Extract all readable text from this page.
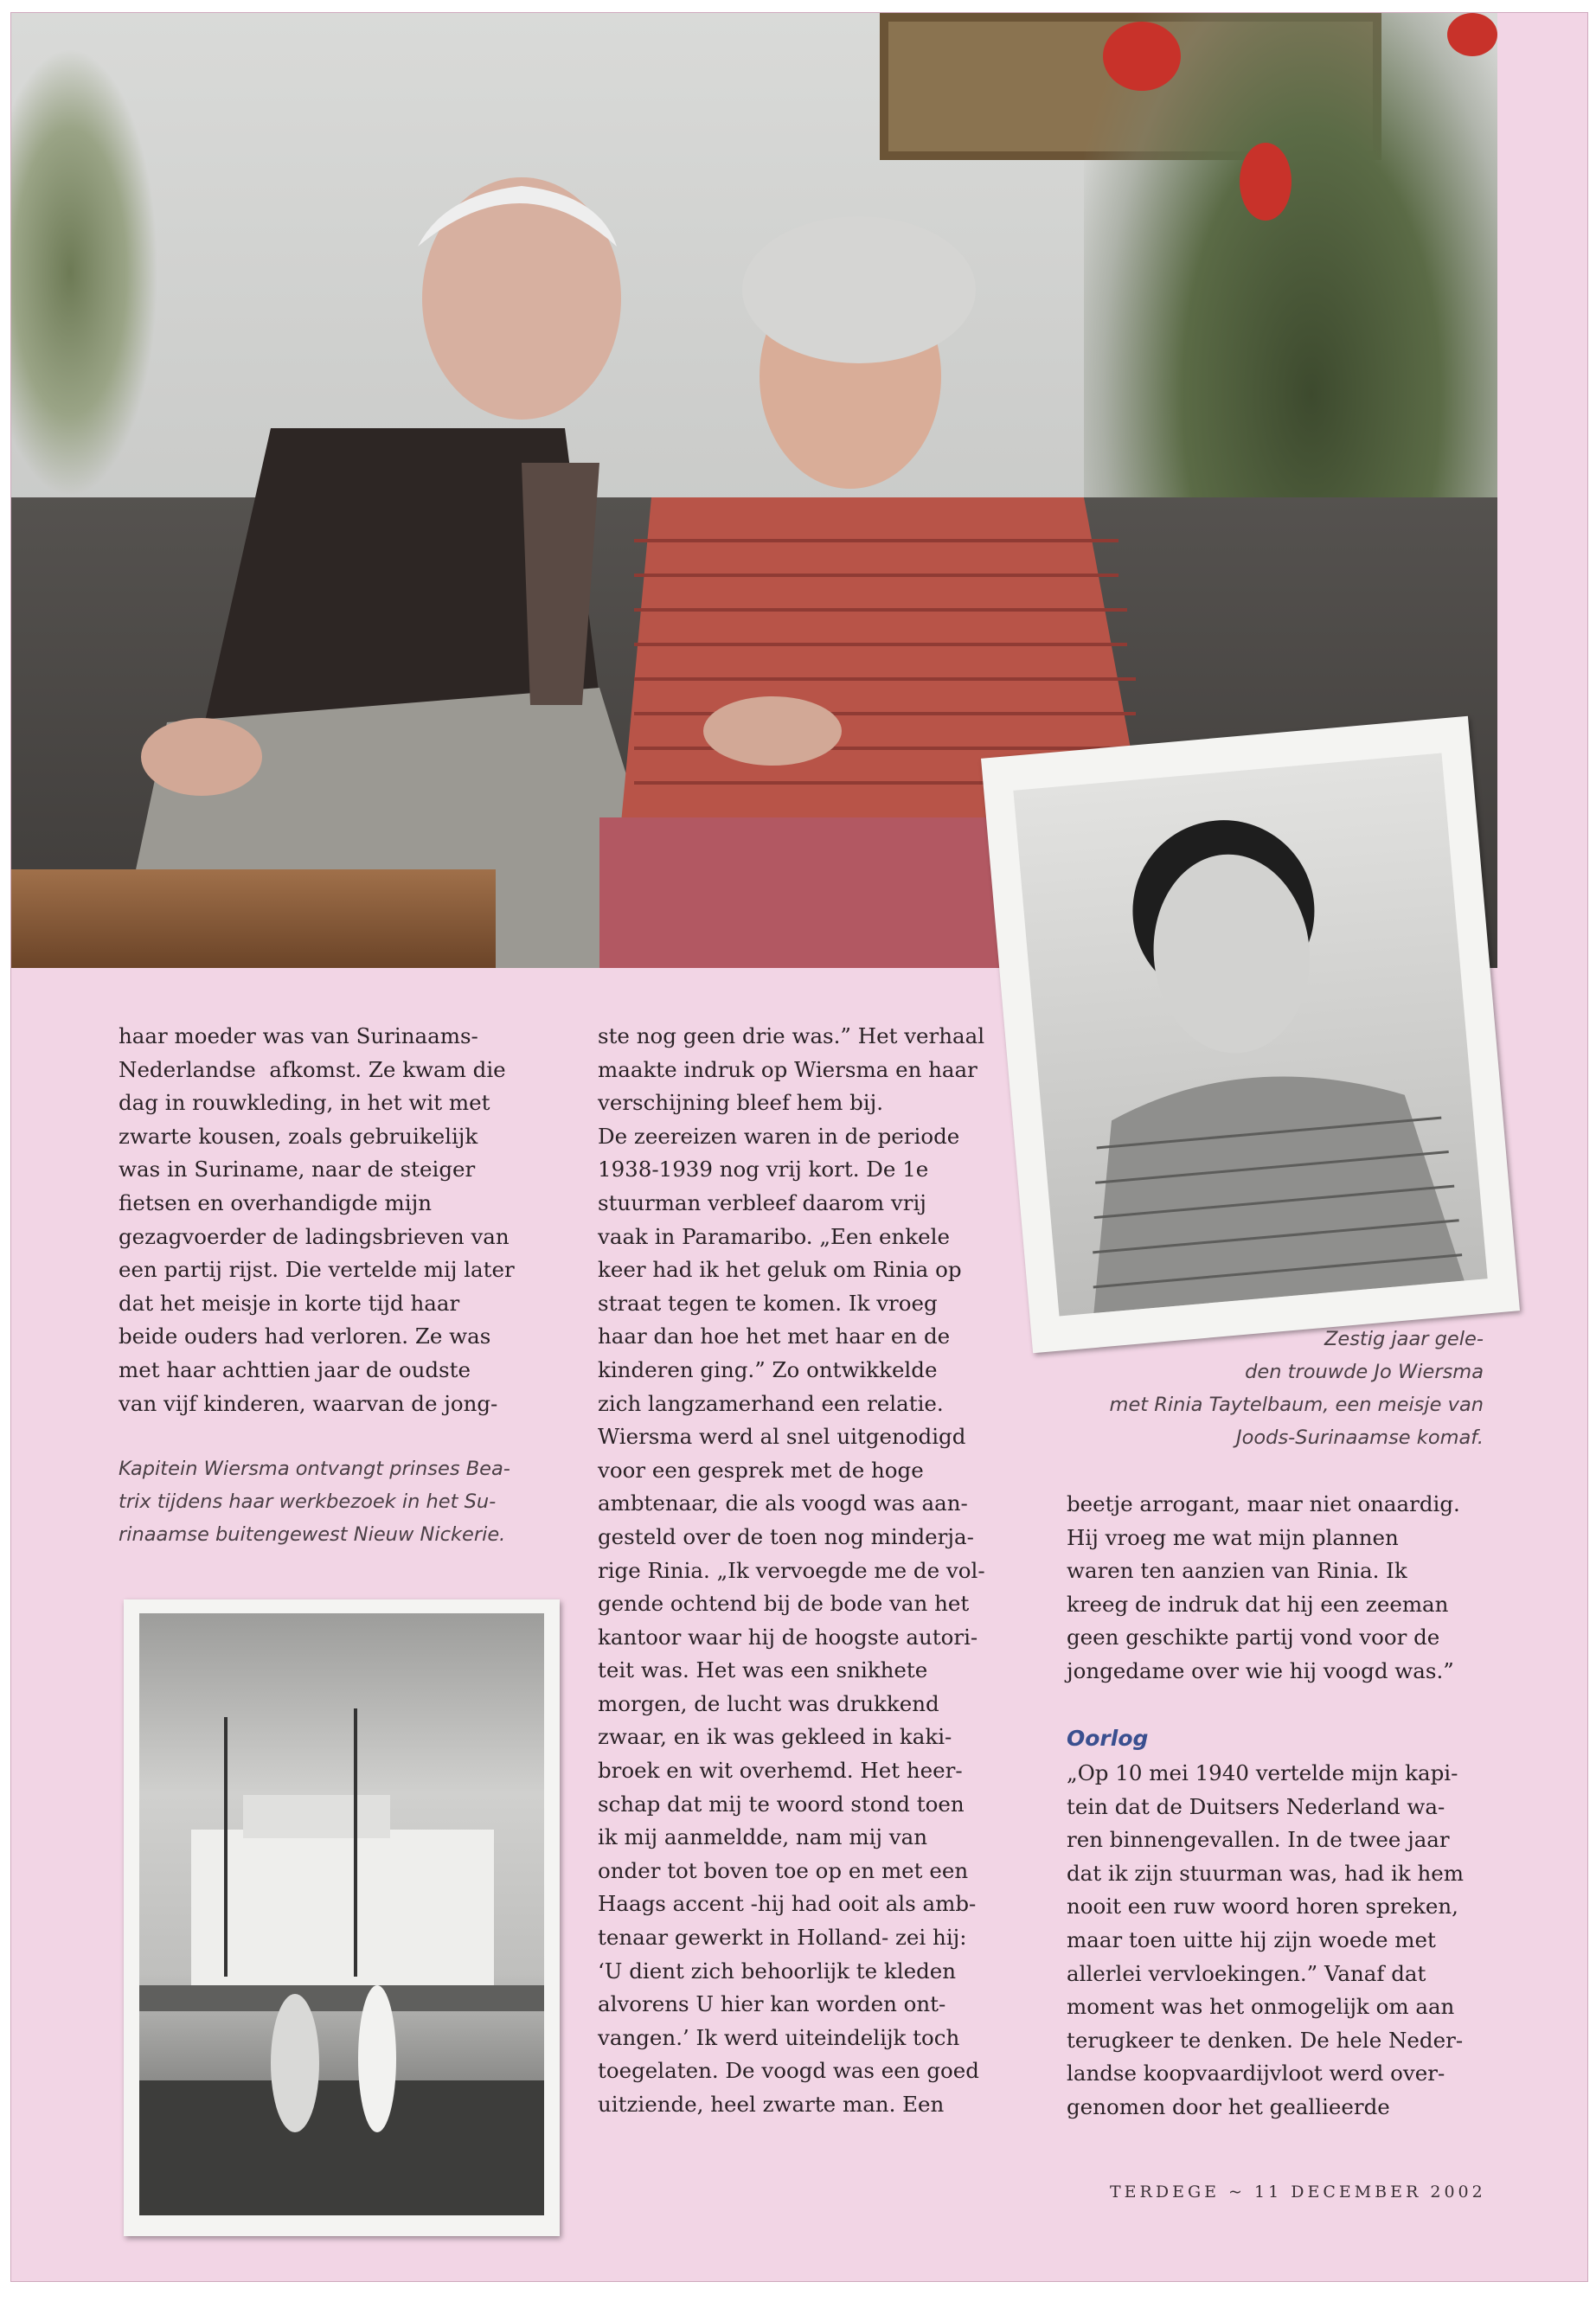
haar moeder was van Surinaams-
Nederlandse  afkomst. Ze kwam die
dag in rouwkleding, in het wit met
zwarte kousen, zoals gebruikelijk
was in Suriname, naar de steiger
fietsen en overhandigde mijn
gezagvoerder de ladingsbrieven van
een partij rijst. Die vertelde mij later
dat het meisje in korte tijd haar
beide ouders had verloren. Ze was
met haar achttien jaar de oudste
van vijf kinderen, waarvan de jong-
Kapitein Wiersma ontvangt prinses Bea-
trix tijdens haar werkbezoek in het Su-
rinaamse buitengewest Nieuw Nickerie.
ste nog geen drie was.” Het verhaal
maakte indruk op Wiersma en haar
verschijning bleef hem bij.
De zeereizen waren in de periode
1938-1939 nog vrij kort. De 1e
stuurman verbleef daarom vrij
vaak in Paramaribo. „Een enkele
keer had ik het geluk om Rinia op
straat tegen te komen. Ik vroeg
haar dan hoe het met haar en de
kinderen ging.” Zo ontwikkelde
zich langzamerhand een relatie.
Wiersma werd al snel uitgenodigd
voor een gesprek met de hoge
ambtenaar, die als voogd was aan-
gesteld over de toen nog minderja-
rige Rinia. „Ik vervoegde me de vol-
gende ochtend bij de bode van het
kantoor waar hij de hoogste autori-
teit was. Het was een snikhete
morgen, de lucht was drukkend
zwaar, en ik was gekleed in kaki-
broek en wit overhemd. Het heer-
schap dat mij te woord stond toen
ik mij aanmeldde, nam mij van
onder tot boven toe op en met een
Haags accent -hij had ooit als amb-
tenaar gewerkt in Holland- zei hij:
‘U dient zich behoorlijk te kleden
alvorens U hier kan worden ont-
vangen.’ Ik werd uiteindelijk toch
toegelaten. De voogd was een goed
uitziende, heel zwarte man. Een
Zestig jaar gele-
den trouwde Jo Wiersma
met Rinia Taytelbaum, een meisje van
Joods-Surinaamse komaf.
beetje arrogant, maar niet onaardig.
Hij vroeg me wat mijn plannen
waren ten aanzien van Rinia. Ik
kreeg de indruk dat hij een zeeman
geen geschikte partij vond voor de
jongedame over wie hij voogd was.”
Oorlog
„Op 10 mei 1940 vertelde mijn kapi-
tein dat de Duitsers Nederland wa-
ren binnengevallen. In de twee jaar
dat ik zijn stuurman was, had ik hem
nooit een ruw woord horen spreken,
maar toen uitte hij zijn woede met
allerlei vervloekingen.” Vanaf dat
moment was het onmogelijk om aan
terugkeer te denken. De hele Neder-
landse koopvaardijvloot werd over-
genomen door het geallieerde
TERDEGE ~ 11 DECEMBER 2002
